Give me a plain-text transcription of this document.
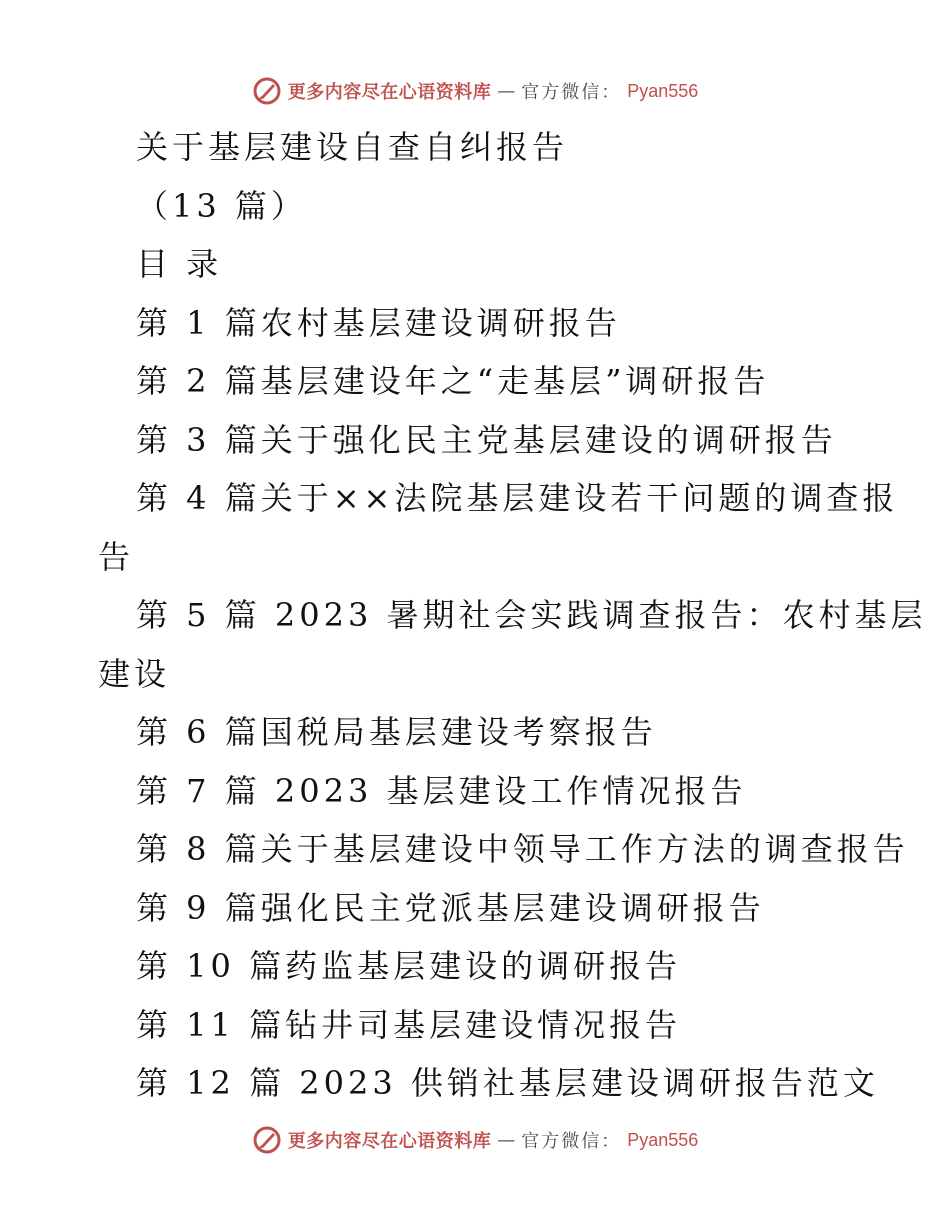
更多内容尽在心语资料库 — 官方微信： Pyan556
关于基层建设自查自纠报告
（13 篇）
目 录
第 1 篇农村基层建设调研报告
第 2 篇基层建设年之“走基层”调研报告
第 3 篇关于强化民主党基层建设的调研报告
第 4 篇关于××法院基层建设若干问题的调查报告
第 5 篇 2023 暑期社会实践调查报告：农村基层建设
第 6 篇国税局基层建设考察报告
第 7 篇 2023 基层建设工作情况报告
第 8 篇关于基层建设中领导工作方法的调查报告
第 9 篇强化民主党派基层建设调研报告
第 10 篇药监基层建设的调研报告
第 11 篇钻井司基层建设情况报告
第 12 篇 2023 供销社基层建设调研报告范文
更多内容尽在心语资料库 — 官方微信： Pyan556
